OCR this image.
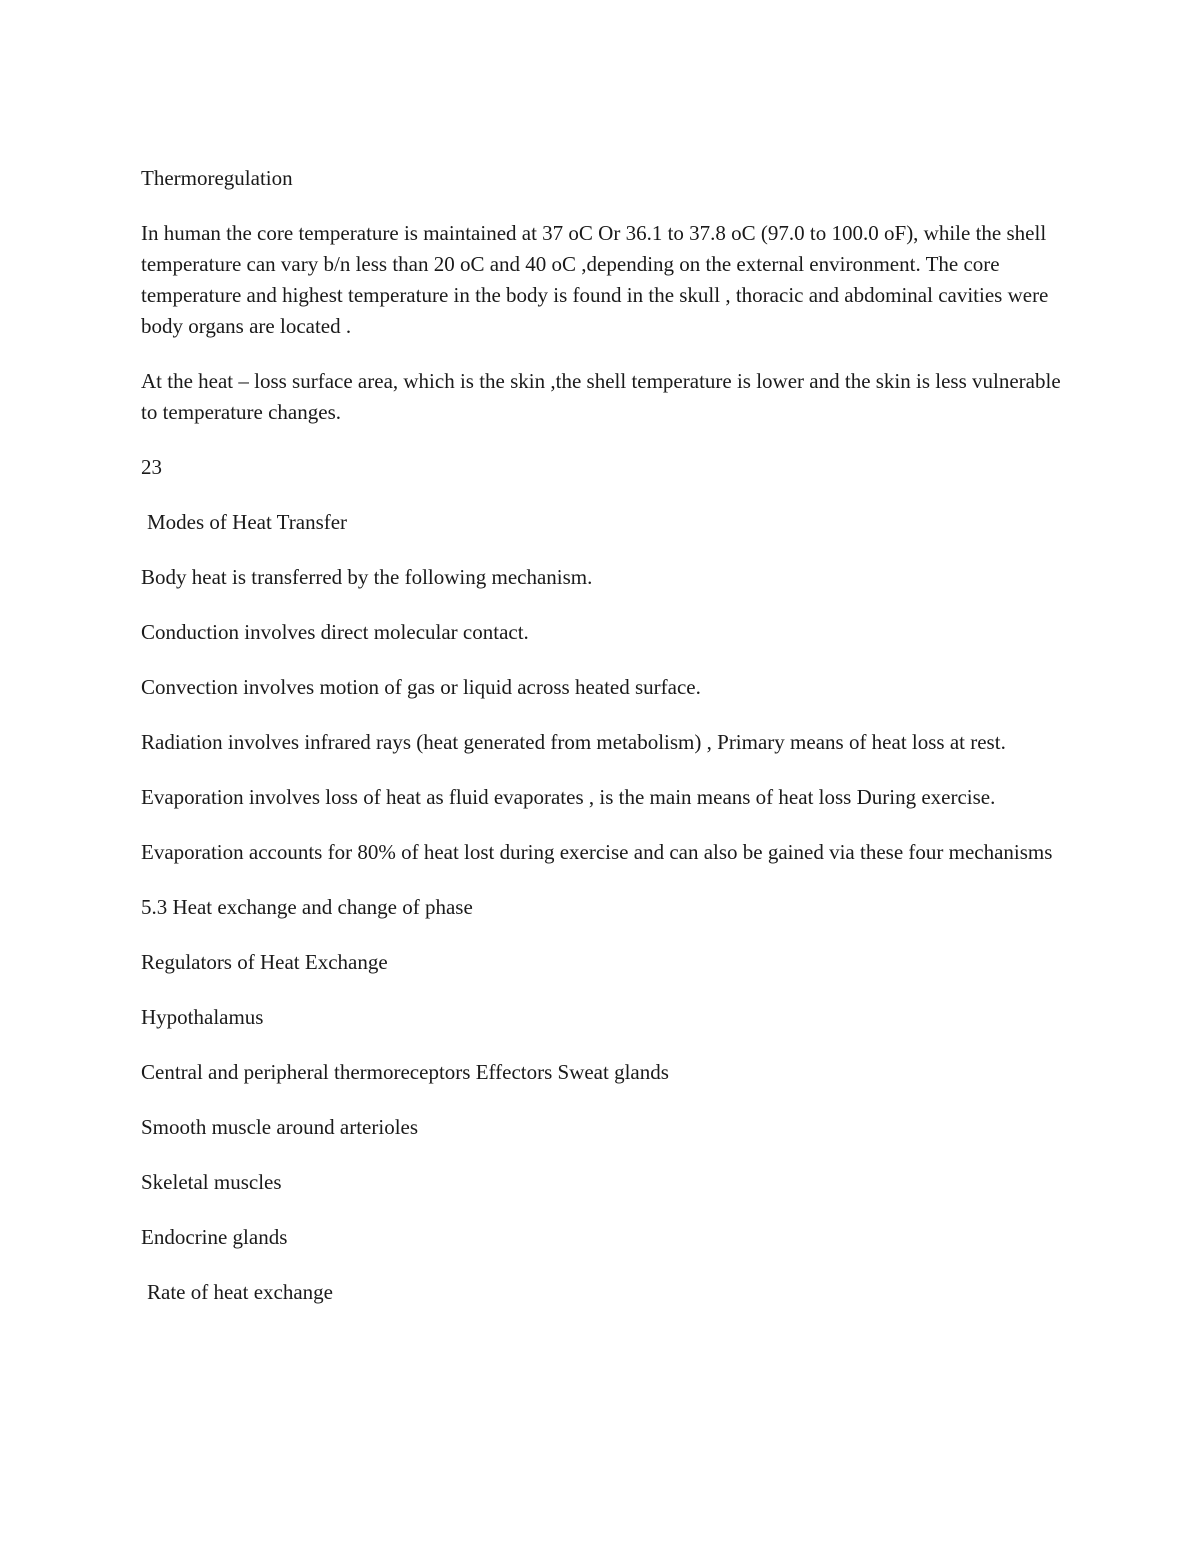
Thermoregulation

In human the core temperature is maintained at 37 oC Or 36.1 to 37.8 oC (97.0 to 100.0 oF), while the shell temperature can vary b/n less than 20 oC and 40 oC ,depending on the external environment. The core temperature and highest temperature in the body is found in the skull , thoracic and abdominal cavities were body organs are located .

At the heat – loss surface area, which is the skin ,the shell temperature is lower and the skin is less vulnerable to temperature changes.

23

Modes of Heat Transfer

Body heat is transferred by the following mechanism.

Conduction involves direct molecular contact.

Convection involves motion of gas or liquid across heated surface.

Radiation involves infrared rays (heat generated from metabolism) , Primary means of heat loss at rest.

Evaporation involves loss of heat as fluid evaporates , is the main means of heat loss During exercise.

Evaporation accounts for 80% of heat lost during exercise and can also be gained via these four mechanisms

5.3 Heat exchange and change of phase

Regulators of Heat Exchange

Hypothalamus

Central and peripheral thermoreceptors Effectors Sweat glands

Smooth muscle around arterioles

Skeletal muscles

Endocrine glands

Rate of heat exchange
